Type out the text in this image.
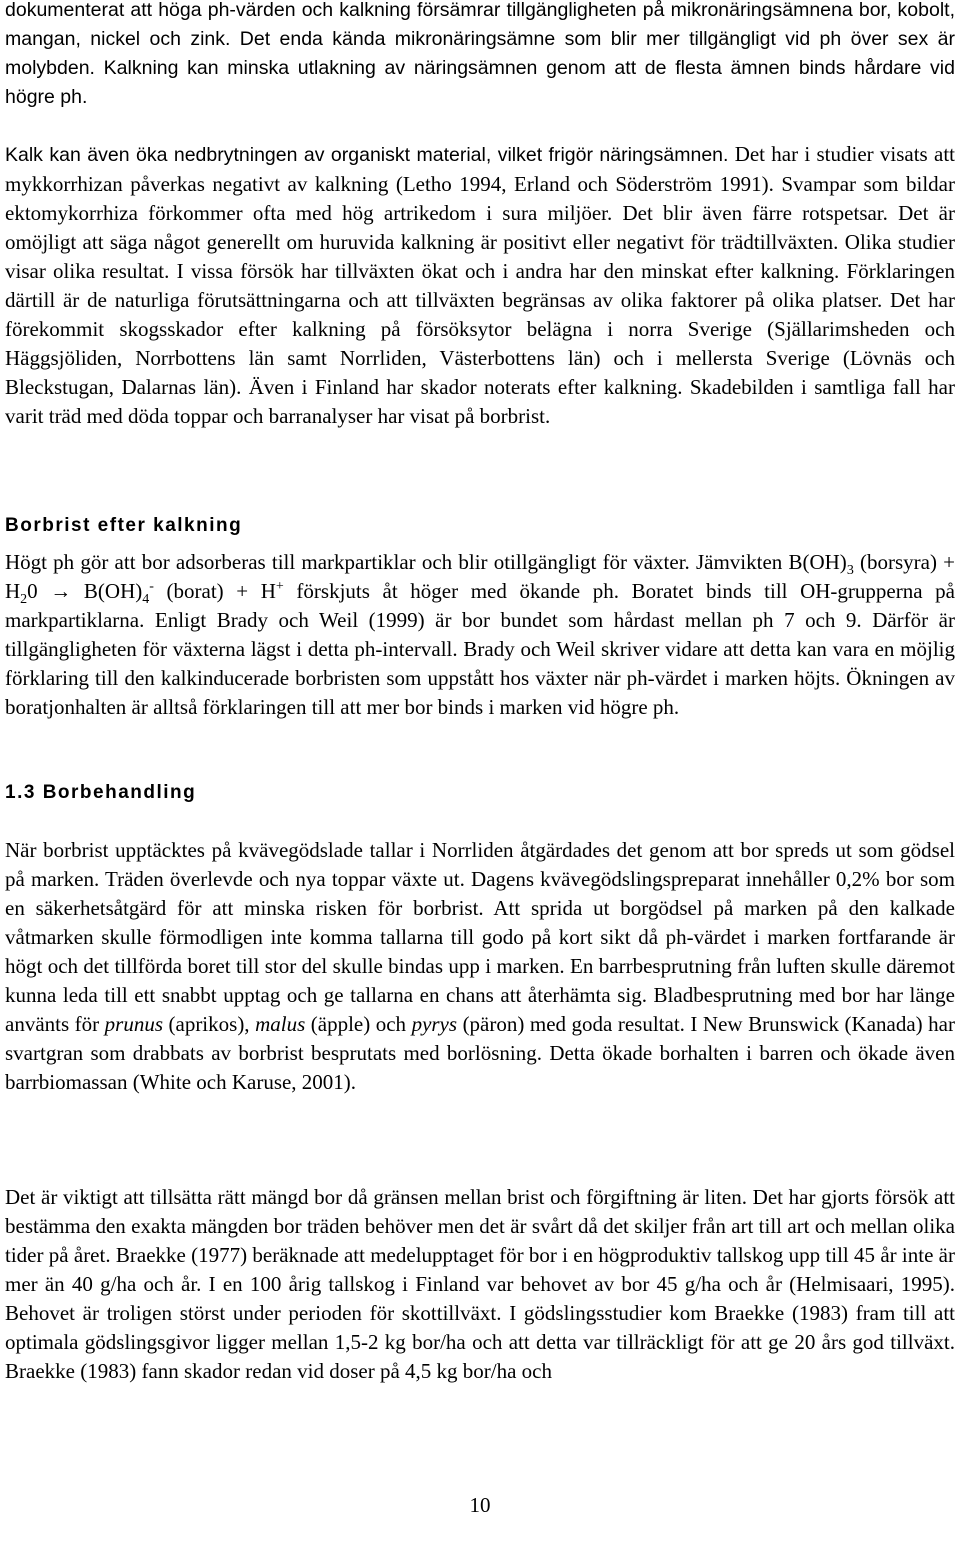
dokumenterat att höga ph-värden och kalkning försämrar tillgängligheten på mikronäringsämnena bor, kobolt, mangan, nickel och zink. Det enda kända mikronäringsämne som blir mer tillgängligt vid ph över sex är molybden. Kalkning kan minska utlakning av näringsämnen genom att de flesta ämnen binds hårdare vid högre ph.

Kalk kan även öka nedbrytningen av organiskt material, vilket frigör näringsämnen. Det har i studier visats att mykkorrhizan påverkas negativt av kalkning (Letho 1994, Erland och Söderström 1991). Svampar som bildar ektomykorrhiza förkommer ofta med hög artrikedom i sura miljöer. Det blir även färre rotspetsar. Det är omöjligt att säga något generellt om huruvida kalkning är positivt eller negativt för trädtillväxten. Olika studier visar olika resultat. I vissa försök har tillväxten ökat och i andra har den minskat efter kalkning. Förklaringen därtill är de naturliga förutsättningarna och att tillväxten begränsas av olika faktorer på olika platser. Det har förekommit skogsskador efter kalkning på försöksytor belägna i norra Sverige (Själlarimsheden och Häggsjöliden, Norrbottens län samt Norrliden, Västerbottens län) och i mellersta Sverige (Lövnäs och Bleckstugan, Dalarnas län). Även i Finland har skador noterats efter kalkning. Skadebilden i samtliga fall har varit träd med döda toppar och barranalyser har visat på borbrist.

Borbrist efter kalkning

Högt ph gör att bor adsorberas till markpartiklar och blir otillgängligt för växter. Jämvikten $B(OH)_3$ (borsyra) + $H_20 \to B(OH)_4^-$ (borat) + H+ förskjuts åt höger med ökande ph. Boratet binds till OH-grupperna på markpartiklarna. Enligt Brady och Weil (1999) är bor bundet som hårdast mellan ph 7 och 9. Därför är tillgängligheten för växterna lägst i detta ph-intervall. Brady och Weil skriver vidare att detta kan vara en möjlig förklaring till den kalkinducerade borbristen som uppstått hos växter när ph-värdet i marken höjts. Ökningen av boratjonhalten är alltså förklaringen till att mer bor binds i marken vid högre ph.

1.3 Borbehandling

När borbrist upptäcktes på kvävegödslade tallar i Norrliden åtgärdades det genom att bor spreds ut som gödsel på marken. Träden överlevde och nya toppar växte ut. Dagens kvävegödslingspreparat innehåller 0,2% bor som en säkerhetsåtgärd för att minska risken för borbrist. Att sprida ut borgödsel på marken på den kalkade våtmarken skulle förmodligen inte komma tallarna till godo på kort sikt då ph-värdet i marken fortfarande är högt och det tillförda boret till stor del skulle bindas upp i marken. En barrbesprutning från luften skulle däremot kunna leda till ett snabbt upptag och ge tallarna en chans att återhämta sig. Bladbesprutning med bor har länge använts för prunus (aprikos), malus (äpple) och pyrys (päron) med goda resultat. I New Brunswick (Kanada) har svartgran som drabbats av borbrist besprutats med borlösning. Detta ökade borhalten i barren och ökade även barrbiomassan (White och Karuse, 2001).

Det är viktigt att tillsätta rätt mängd bor då gränsen mellan brist och förgiftning är liten. Det har gjorts försök att bestämma den exakta mängden bor träden behöver men det är svårt då det skiljer från art till art och mellan olika tider på året. Braekke (1977) beräknade att medelupptaget för bor i en högproduktiv tallskog upp till 45 år inte är mer än 40 g/ha och år. I en 100 årig tallskog i Finland var behovet av bor 45 g/ha och år (Helmisaari, 1995). Behovet är troligen störst under perioden för skottillväxt. I gödslingsstudier kom Braekke (1983) fram till att optimala gödslingsgivor ligger mellan 1,5-2 kg bor/ha och att detta var tillräckligt för att ge 20 års god tillväxt. Braekke (1983) fann skador redan vid doser på 4,5 kg bor/ha och

10
